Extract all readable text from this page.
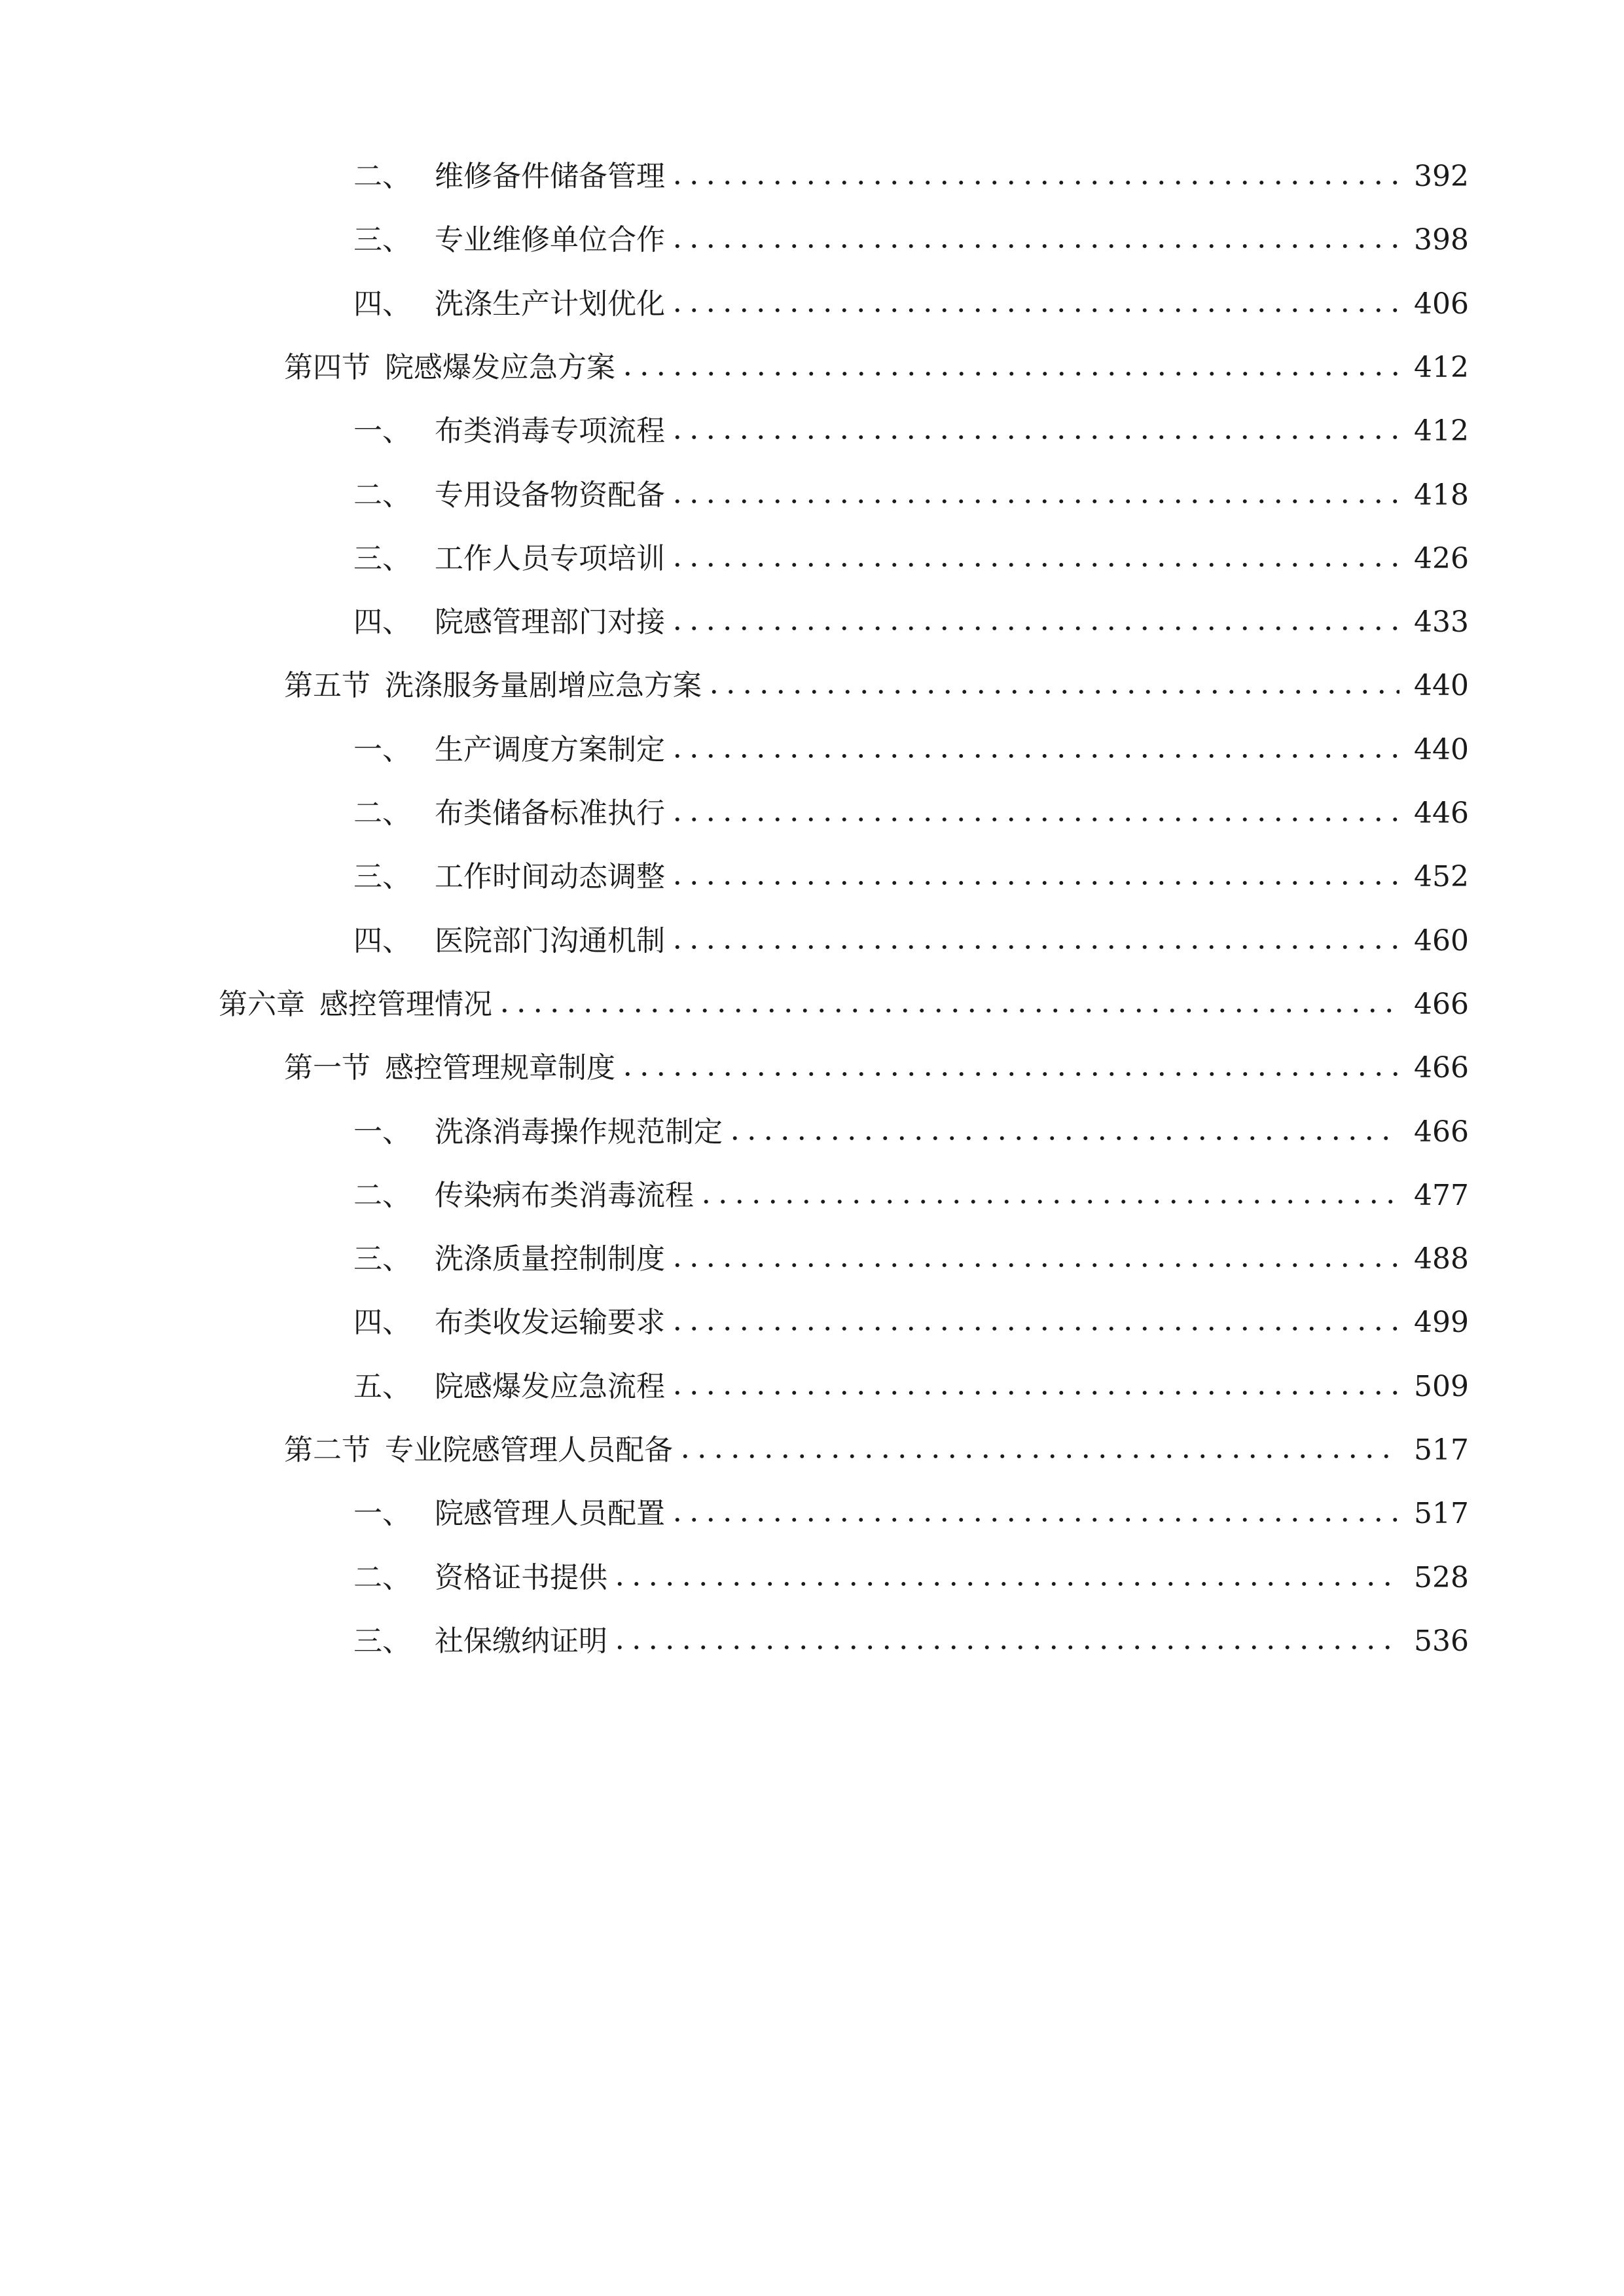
二、 维修备件储备管理	392
三、 专业维修单位合作	398
四、 洗涤生产计划优化	406
第四节 院感爆发应急方案	412
一、 布类消毒专项流程	412
二、 专用设备物资配备	418
三、 工作人员专项培训	426
四、 院感管理部门对接	433
第五节 洗涤服务量剧增应急方案	440
一、 生产调度方案制定	440
二、 布类储备标准执行	446
三、 工作时间动态调整	452
四、 医院部门沟通机制	460
第六章 感控管理情况	466
第一节 感控管理规章制度	466
一、 洗涤消毒操作规范制定	466
二、 传染病布类消毒流程	477
三、 洗涤质量控制制度	488
四、 布类收发运输要求	499
五、 院感爆发应急流程	509
第二节 专业院感管理人员配备	517
一、 院感管理人员配置	517
二、 资格证书提供	528
三、 社保缴纳证明	536
